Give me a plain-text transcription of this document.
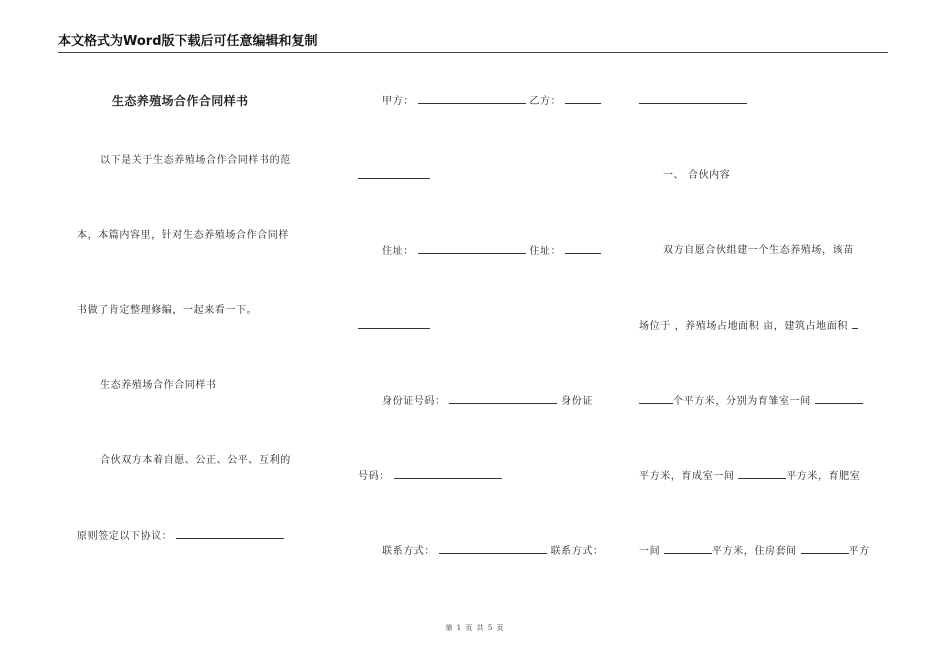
本文格式为Word版下载后可任意编辑和复制
生态养殖场合作合同样书
以下是关于生态养殖场合作合同样书的范
本，本篇内容里，针对生态养殖场合作合同样
书做了肯定整理修编，一起来看一下。
生态养殖场合作合同样书
合伙双方本着自愿、公正、公平、互利的
原则签定以下协议：
甲方：	乙方：
住址：	住址：
身份证号码：	身份证
号码：
联系方式：	联系方式：
一、 合伙内容
双方自愿合伙组建一个生态养殖场，该苗
场位于 ，养殖场占地面积 亩，建筑占地面积
个平方米，分别为育雏室一间
平方米，育成室一间	平方米，育肥室
一间	平方米，住房套间	平方
第 1 页 共 5 页
